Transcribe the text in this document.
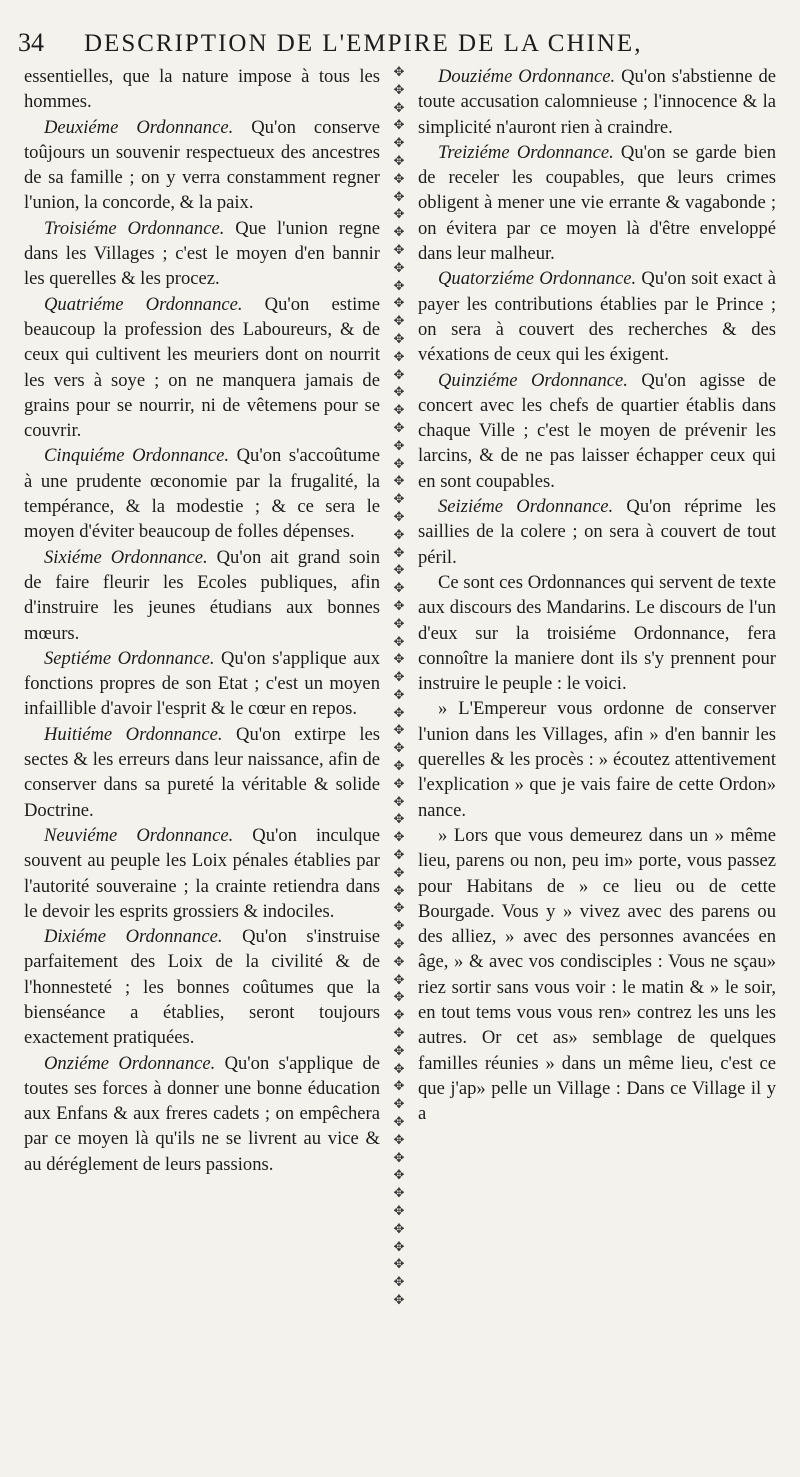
34	DESCRIPTION DE L'EMPIRE DE LA CHINE,

essentielles, que la nature impose à tous les hommes.

Deuxiéme Ordonnance. Qu'on conserve toûjours un souvenir respectueux des ancestres de sa famille ; on y verra constamment regner l'union, la concorde, & la paix.

Troisiéme Ordonnance. Que l'union regne dans les Villages ; c'est le moyen d'en bannir les querelles & les procez.

Quatriéme Ordonnance. Qu'on estime beaucoup la profession des Laboureurs, & de ceux qui cultivent les meuriers dont on nourrit les vers à soye ; on ne manquera jamais de grains pour se nourrir, ni de vêtemens pour se couvrir.

Cinquiéme Ordonnance. Qu'on s'accoûtume à une prudente œconomie par la frugalité, la tempérance, & la modestie ; & ce sera le moyen d'éviter beaucoup de folles dépenses.

Sixiéme Ordonnance. Qu'on ait grand soin de faire fleurir les Ecoles publiques, afin d'instruire les jeunes étudians aux bonnes mœurs.

Septiéme Ordonnance. Qu'on s'applique aux fonctions propres de son Etat ; c'est un moyen infaillible d'avoir l'esprit & le cœur en repos.

Huitiéme Ordonnance. Qu'on extirpe les sectes & les erreurs dans leur naissance, afin de conserver dans sa pureté la véritable & solide Doctrine.

Neuviéme Ordonnance. Qu'on inculque souvent au peuple les Loix pénales établies par l'autorité souveraine ; la crainte retiendra dans le devoir les esprits grossiers & indociles.

Dixiéme Ordonnance. Qu'on s'instruise parfaitement des Loix de la civilité & de l'honnesteté ; les bonnes coûtumes que la bienséance a établies, seront toujours exactement pratiquées.

Onziéme Ordonnance. Qu'on s'applique de toutes ses forces à donner une bonne éducation aux Enfans & aux freres cadets ; on empêchera par ce moyen là qu'ils ne se livrent au vice & au déréglement de leurs passions.

✥
✥
✥
✥
✥
✥
✥
✥
✥
✥
✥
✥
✥
✥
✥
✥
✥
✥
✥
✥
✥
✥
✥
✥
✥
✥
✥
✥
✥
✥
✥
✥
✥
✥
✥
✥
✥
✥
✥
✥
✥
✥
✥
✥
✥
✥
✥
✥
✥
✥
✥
✥
✥
✥
✥
✥
✥
✥
✥
✥
✥
✥
✥
✥
✥
✥
✥
✥
✥
✥

Douziéme Ordonnance. Qu'on s'abstienne de toute accusation calomnieuse ; l'innocence & la simplicité n'auront rien à craindre.

Treiziéme Ordonnance. Qu'on se garde bien de receler les coupables, que leurs crimes obligent à mener une vie errante & vagabonde ; on évitera par ce moyen là d'être enveloppé dans leur malheur.

Quatorziéme Ordonnance. Qu'on soit exact à payer les contributions établies par le Prince ; on sera à couvert des recherches & des véxations de ceux qui les éxigent.

Quinziéme Ordonnance. Qu'on agisse de concert avec les chefs de quartier établis dans chaque Ville ; c'est le moyen de prévenir les larcins, & de ne pas laisser échapper ceux qui en sont coupables.

Seiziéme Ordonnance. Qu'on réprime les saillies de la colere ; on sera à couvert de tout péril.

Ce sont ces Ordonnances qui servent de texte aux discours des Mandarins. Le discours de l'un d'eux sur la troisiéme Ordonnance, fera connoître la maniere dont ils s'y prennent pour instruire le peuple : le voici.

» L'Empereur vous ordonne de conserver l'union dans les Villages, afin » d'en bannir les querelles & les procès : » écoutez attentivement l'explication » que je vais faire de cette Ordon» nance.

» Lors que vous demeurez dans un » même lieu, parens ou non, peu im» porte, vous passez pour Habitans de » ce lieu ou de cette Bourgade. Vous y » vivez avec des parens ou des alliez, » avec des personnes avancées en âge, » & avec vos condisciples : Vous ne sçau» riez sortir sans vous voir : le matin & » le soir, en tout tems vous vous ren» contrez les uns les autres. Or cet as» semblage de quelques familles réunies » dans un même lieu, c'est ce que j'ap» pelle un Village : Dans ce Village il y a
